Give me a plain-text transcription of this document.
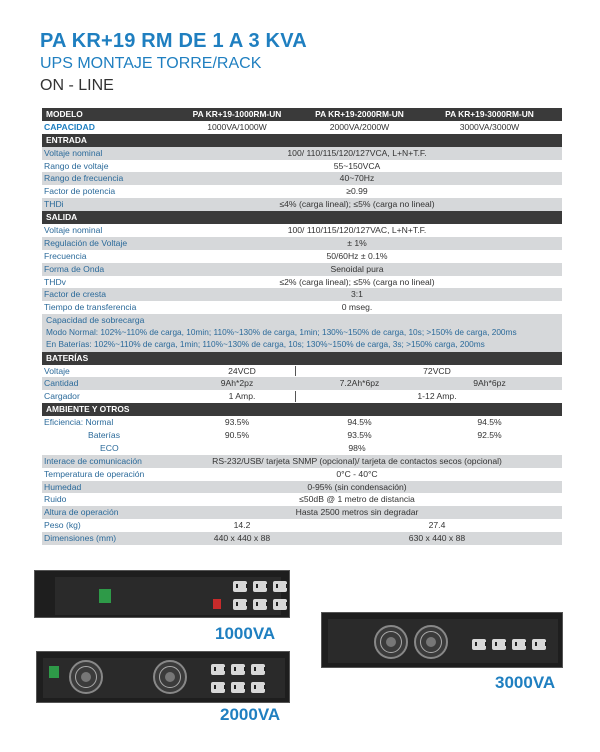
PA KR+19 RM DE 1 A 3 KVA
UPS MONTAJE TORRE/RACK
ON - LINE
MODELO	PA KR+19-1000RM-UN	PA KR+19-2000RM-UN	PA KR+19-3000RM-UN
CAPACIDAD	1000VA/1000W	2000VA/2000W	3000VA/3000W
ENTRADA
Voltaje nominal	100/ 110/115/120/127VCA, L+N+T.F.
Rango de voltaje	55~150VCA
Rango de frecuencia	40~70Hz
Factor de potencia	≥0.99
THDi	≤4% (carga lineal); ≤5% (carga no lineal)
SALIDA
Voltaje nominal	100/ 110/115/120/127VAC, L+N+T.F.
Regulación de Voltaje	± 1%
Frecuencia	50/60Hz ± 0.1%
Forma de Onda	Senoidal pura
THDv	≤2% (carga lineal); ≤5% (carga no lineal)
Factor de cresta	3:1
Tiempo de transferencia	0 mseg.
Capacidad de sobrecarga
Modo Normal: 102%~110% de carga, 10min; 110%~130% de carga, 1min; 130%~150% de carga, 10s; >150% de carga, 200ms
En Baterías: 102%~110% de carga, 1min; 110%~130% de carga, 10s; 130%~150% de carga, 3s; >150% carga, 200ms
BATERÍAS
Voltaje	24VCD	72VCD
Cantidad	9Ah*2pz	7.2Ah*6pz	9Ah*6pz
Cargador	1 Amp.	1-12 Amp.
AMBIENTE Y OTROS
Eficiencia: Normal	93.5%	94.5%	94.5%
Baterías	90.5%	93.5%	92.5%
ECO	98%
Interace de comunicación	RS-232/USB/ tarjeta SNMP (opcional)/ tarjeta de contactos secos (opcional)
Temperatura de operación	0°C - 40°C
Humedad	0-95% (sin condensación)
Ruido	≤50dB @ 1 metro de distancia
Altura de operación	Hasta 2500 metros sin degradar
Peso (kg)	14.2	27.4
Dimensiones (mm)	440 x 440 x 88	630 x 440 x 88
1000VA
3000VA
2000VA
